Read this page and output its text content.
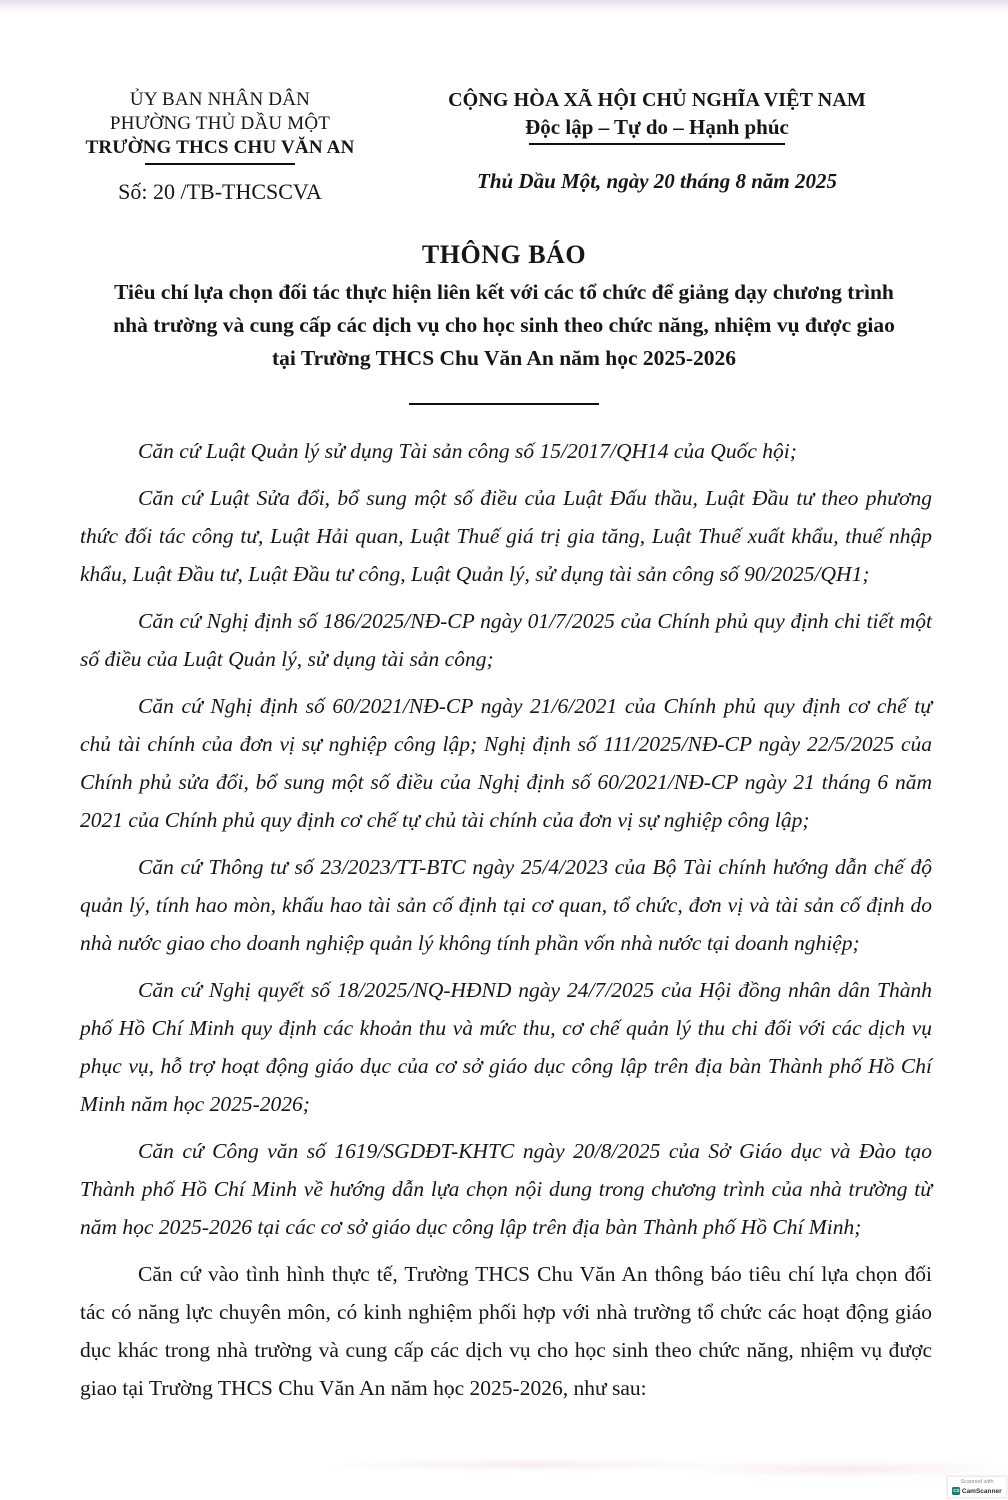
ỦY BAN NHÂN DÂN
PHƯỜNG THỦ DẦU MỘT
TRƯỜNG THCS CHU VĂN AN
Số: 20 /TB-THCSCVA
CỘNG HÒA XÃ HỘI CHỦ NGHĨA VIỆT NAM
Độc lập – Tự do – Hạnh phúc
Thủ Dầu Một, ngày 20 tháng 8 năm 2025
THÔNG BÁO
Tiêu chí lựa chọn đối tác thực hiện liên kết với các tổ chức để giảng dạy chương trình
nhà trường và cung cấp các dịch vụ cho học sinh theo chức năng, nhiệm vụ được giao
tại Trường THCS Chu Văn An năm học 2025-2026

Căn cứ Luật Quản lý sử dụng Tài sản công số 15/2017/QH14 của Quốc hội;

Căn cứ Luật Sửa đổi, bổ sung một số điều của Luật Đấu thầu, Luật Đầu tư theo phương thức đối tác công tư, Luật Hải quan, Luật Thuế giá trị gia tăng, Luật Thuế xuất khẩu, thuế nhập khẩu, Luật Đầu tư, Luật Đầu tư công, Luật Quản lý, sử dụng tài sản công số 90/2025/QH1;

Căn cứ Nghị định số 186/2025/NĐ-CP ngày 01/7/2025 của Chính phủ quy định chi tiết một số điều của Luật Quản lý, sử dụng tài sản công;

Căn cứ Nghị định số 60/2021/NĐ-CP ngày 21/6/2021 của Chính phủ quy định cơ chế tự chủ tài chính của đơn vị sự nghiệp công lập; Nghị định số 111/2025/NĐ-CP ngày 22/5/2025 của Chính phủ sửa đổi, bổ sung một số điều của Nghị định số 60/2021/NĐ-CP ngày 21 tháng 6 năm 2021 của Chính phủ quy định cơ chế tự chủ tài chính của đơn vị sự nghiệp công lập;

Căn cứ Thông tư số 23/2023/TT-BTC ngày 25/4/2023 của Bộ Tài chính hướng dẫn chế độ quản lý, tính hao mòn, khấu hao tài sản cố định tại cơ quan, tổ chức, đơn vị và tài sản cố định do nhà nước giao cho doanh nghiệp quản lý không tính phần vốn nhà nước tại doanh nghiệp;

Căn cứ Nghị quyết số 18/2025/NQ-HĐND ngày 24/7/2025 của Hội đồng nhân dân Thành phố Hồ Chí Minh quy định các khoản thu và mức thu, cơ chế quản lý thu chi đối với các dịch vụ phục vụ, hỗ trợ hoạt động giáo dục của cơ sở giáo dục công lập trên địa bàn Thành phố Hồ Chí Minh năm học 2025-2026;

Căn cứ Công văn số 1619/SGDĐT-KHTC ngày 20/8/2025 của Sở Giáo dục và Đào tạo Thành phố Hồ Chí Minh về hướng dẫn lựa chọn nội dung trong chương trình của nhà trường từ năm học 2025-2026 tại các cơ sở giáo dục công lập trên địa bàn Thành phố Hồ Chí Minh;

Căn cứ vào tình hình thực tế, Trường THCS Chu Văn An thông báo tiêu chí lựa chọn đối tác có năng lực chuyên môn, có kinh nghiệm phối hợp với nhà trường tổ chức các hoạt động giáo dục khác trong nhà trường và cung cấp các dịch vụ cho học sinh theo chức năng, nhiệm vụ được giao tại Trường THCS Chu Văn An năm học 2025-2026, như sau:

Scanned with
CS CamScanner
